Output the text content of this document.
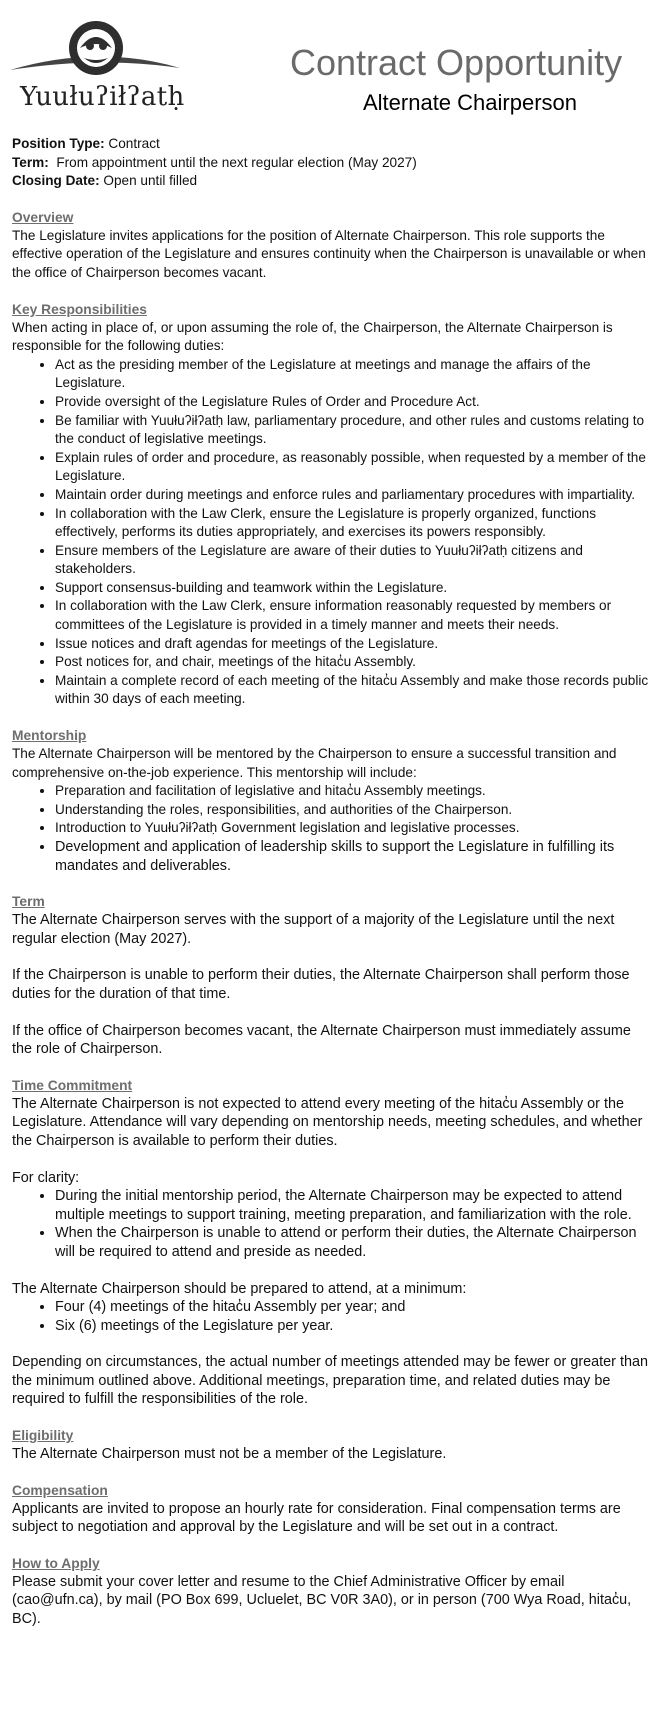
Yuułuʔiłʔatḥ
Contract Opportunity
Alternate Chairperson
Position Type: Contract
Term:  From appointment until the next regular election (May 2027)
Closing Date: Open until filled
Overview

The Legislature invites applications for the position of Alternate Chairperson. This role supports the effective operation of the Legislature and ensures continuity when the Chairperson is unavailable or when the office of Chairperson becomes vacant.

Key Responsibilities

When acting in place of, or upon assuming the role of, the Chairperson, the Alternate Chairperson is responsible for the following duties:

• Act as the presiding member of the Legislature at meetings and manage the affairs of the Legislature.
• Provide oversight of the Legislature Rules of Order and Procedure Act.
• Be familiar with Yuułuʔiłʔatḥ law, parliamentary procedure, and other rules and customs relating to the conduct of legislative meetings.
• Explain rules of order and procedure, as reasonably possible, when requested by a member of the Legislature.
• Maintain order during meetings and enforce rules and parliamentary procedures with impartiality.
• In collaboration with the Law Clerk, ensure the Legislature is properly organized, functions effectively, performs its duties appropriately, and exercises its powers responsibly.
• Ensure members of the Legislature are aware of their duties to Yuułuʔiłʔatḥ citizens and stakeholders.
• Support consensus-building and teamwork within the Legislature.
• In collaboration with the Law Clerk, ensure information reasonably requested by members or committees of the Legislature is provided in a timely manner and meets their needs.
• Issue notices and draft agendas for meetings of the Legislature.
• Post notices for, and chair, meetings of the hitac̓u Assembly.
• Maintain a complete record of each meeting of the hitac̓u Assembly and make those records public within 30 days of each meeting.
Mentorship

The Alternate Chairperson will be mentored by the Chairperson to ensure a successful transition and comprehensive on-the-job experience. This mentorship will include:

• Preparation and facilitation of legislative and hitac̓u Assembly meetings.
• Understanding the roles, responsibilities, and authorities of the Chairperson.
• Introduction to Yuułuʔiłʔatḥ Government legislation and legislative processes.
• Development and application of leadership skills to support the Legislature in fulfilling its mandates and deliverables.
Term

The Alternate Chairperson serves with the support of a majority of the Legislature until the next regular election (May 2027).

If the Chairperson is unable to perform their duties, the Alternate Chairperson shall perform those duties for the duration of that time.

If the office of Chairperson becomes vacant, the Alternate Chairperson must immediately assume the role of Chairperson.

Time Commitment

The Alternate Chairperson is not expected to attend every meeting of the hitac̓u Assembly or the Legislature. Attendance will vary depending on mentorship needs, meeting schedules, and whether the Chairperson is available to perform their duties.

For clarity:

• During the initial mentorship period, the Alternate Chairperson may be expected to attend multiple meetings to support training, meeting preparation, and familiarization with the role.
• When the Chairperson is unable to attend or perform their duties, the Alternate Chairperson will be required to attend and preside as needed.

The Alternate Chairperson should be prepared to attend, at a minimum:

• Four (4) meetings of the hitac̓u Assembly per year; and
• Six (6) meetings of the Legislature per year.

Depending on circumstances, the actual number of meetings attended may be fewer or greater than the minimum outlined above. Additional meetings, preparation time, and related duties may be required to fulfill the responsibilities of the role.

Eligibility

The Alternate Chairperson must not be a member of the Legislature.

Compensation

Applicants are invited to propose an hourly rate for consideration. Final compensation terms are subject to negotiation and approval by the Legislature and will be set out in a contract.

How to Apply

Please submit your cover letter and resume to the Chief Administrative Officer by email (cao@ufn.ca), by mail (PO Box 699, Ucluelet, BC V0R 3A0), or in person (700 Wya Road, hitac̓u, BC).
